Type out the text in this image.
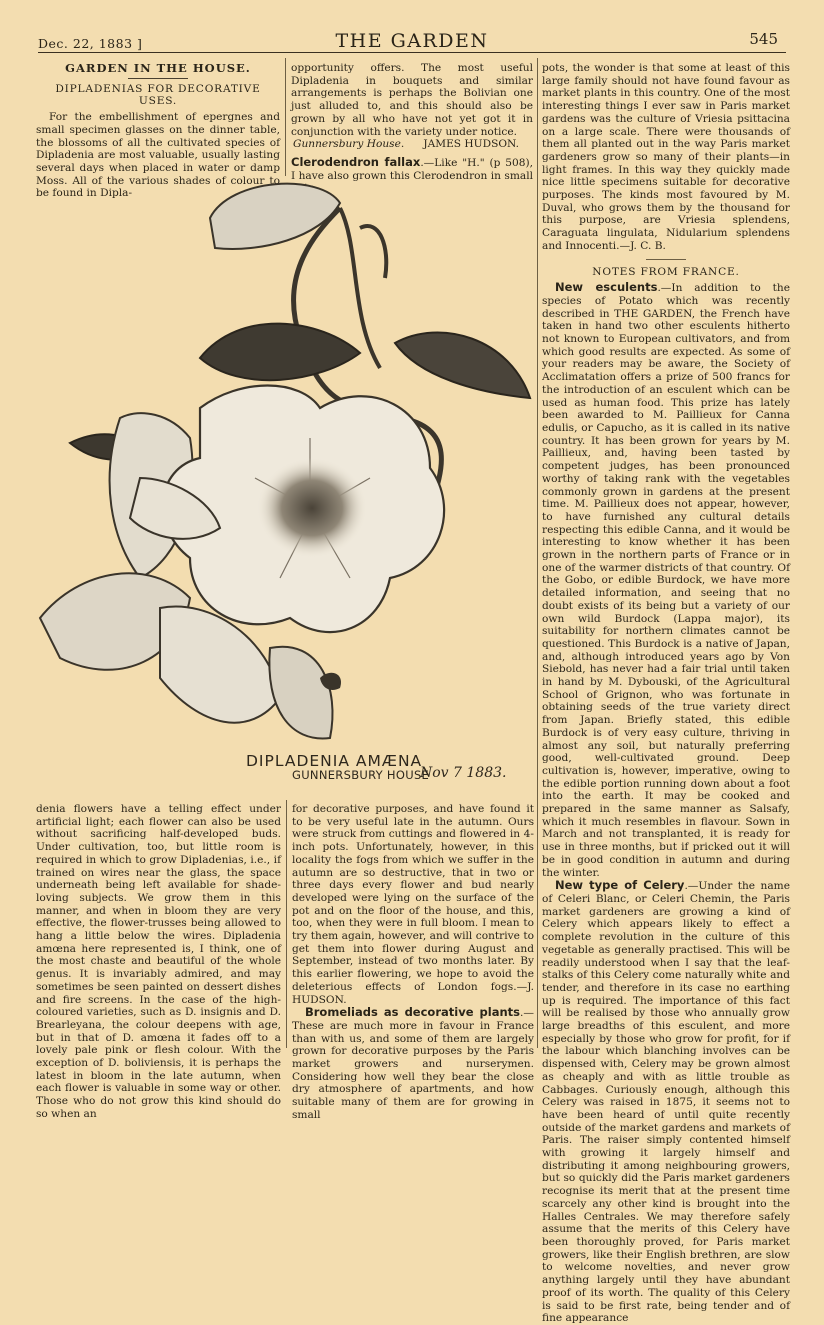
Dec. 22, 1883 ]	THE GARDEN	545
GARDEN IN THE HOUSE.
DIPLADENIAS FOR DECORATIVE USES.

For the embellishment of epergnes and small specimen glasses on the dinner table, the blossoms of all the cultivated species of Dipladenia are most valuable, usually lasting several days when placed in water or damp Moss. All of the various shades of colour to be found in Dipla-

opportunity offers. The most useful Dipladenia in bouquets and similar arrangements is perhaps the Bolivian one just alluded to, and this should also be grown by all who have not yet got it in conjunction with the variety under notice.

Gunnersbury House. JAMES HUDSON.

Clerodendron fallax.—Like "H." (p 508), I have also grown this Clerodendron in small

pots, the wonder is that some at least of this large family should not have found favour as market plants in this country. One of the most interesting things I ever saw in Paris market gardens was the culture of Vriesia psittacina on a large scale. There were thousands of them all planted out in the way Paris market gardeners grow so many of their plants—in light frames. In this way they quickly made nice little specimens suitable for decorative purposes. The kinds most favoured by M. Duval, who grows them by the thousand for this purpose, are Vriesia splendens, Caraguata lingulata, Nidularium splendens and Innocenti.—J. C. B.

NOTES FROM FRANCE.

New esculents.—In addition to the species of Potato which was recently described in THE GARDEN, the French have taken in hand two other esculents hitherto not known to European cultivators, and from which good results are expected. As some of your readers may be aware, the Society of Acclimatation offers a prize of 500 francs for the introduction of an esculent which can be used as human food. This prize has lately been awarded to M. Paillieux for Canna edulis, or Capucho, as it is called in its native country. It has been grown for years by M. Paillieux, and, having been tasted by competent judges, has been pronounced worthy of taking rank with the vegetables commonly grown in gardens at the present time. M. Paillieux does not appear, however, to have furnished any cultural details respecting this edible Canna, and it would be interesting to know whether it has been grown in the northern parts of France or in one of the warmer districts of that country. Of the Gobo, or edible Burdock, we have more detailed information, and seeing that no doubt exists of its being but a variety of our own wild Burdock (Lappa major), its suitability for northern climates cannot be questioned. This Burdock is a native of Japan, and, although introduced years ago by Von Siebold, has never had a fair trial until taken in hand by M. Dybouski, of the Agricultural School of Grignon, who was fortunate in obtaining seeds of the true variety direct from Japan. Briefly stated, this edible Burdock is of very easy culture, thriving in almost any soil, but naturally preferring good, well-cultivated ground. Deep cultivation is, however, imperative, owing to the edible portion running down about a foot into the earth. It may be cooked and prepared in the same manner as Salsafy, which it much resembles in flavour. Sown in March and not transplanted, it is ready for use in three months, but if pricked out it will be in good condition in autumn and during the winter.

New type of Celery.—Under the name of Celeri Blanc, or Celeri Chemin, the Paris market gardeners are growing a kind of Celery which appears likely to effect a complete revolution in the culture of this vegetable as generally practised. This will be readily understood when I say that the leaf-stalks of this Celery come naturally white and tender, and therefore in its case no earthing up is required. The importance of this fact will be realised by those who annually grow large breadths of this esculent, and more especially by those who grow for profit, for if the labour which blanching involves can be dispensed with, Celery may be grown almost as cheaply and with as little trouble as Cabbages. Curiously enough, although this Celery was raised in 1875, it seems not to have been heard of until quite recently outside of the market gardens and markets of Paris. The raiser simply contented himself with growing it largely himself and distributing it among neighbouring growers, but so quickly did the Paris market gardeners recognise its merit that at the present time scarcely any other kind is brought into the Halles Centrales. We may therefore safely assume that the merits of this Celery have been thoroughly proved, for Paris market growers, like their English brethren, are slow to welcome novelties, and never grow anything largely until they have abundant proof of its worth. The quality of this Celery is said to be first rate, being tender and of fine appearance

DIPLADENIA AMÆNA
GUNNERSBURY HOUSE
Nov 7 1883.

denia flowers have a telling effect under artificial light; each flower can also be used without sacrificing half-developed buds. Under cultivation, too, but little room is required in which to grow Dipladenias, i.e., if trained on wires near the glass, the space underneath being left available for shade-loving subjects. We grow them in this manner, and when in bloom they are very effective, the flower-trusses being allowed to hang a little below the wires. Dipladenia amœna here represented is, I think, one of the most chaste and beautiful of the whole genus. It is invariably admired, and may sometimes be seen painted on dessert dishes and fire screens. In the case of the high-coloured varieties, such as D. insignis and D. Brearleyana, the colour deepens with age, but in that of D. amœna it fades off to a lovely pale pink or flesh colour. With the exception of D. boliviensis, it is perhaps the latest in bloom in the late autumn, when each flower is valuable in some way or other. Those who do not grow this kind should do so when an

for decorative purposes, and have found it to be very useful late in the autumn. Ours were struck from cuttings and flowered in 4-inch pots. Unfortunately, however, in this locality the fogs from which we suffer in the autumn are so destructive, that in two or three days every flower and bud nearly developed were lying on the surface of the pot and on the floor of the house, and this, too, when they were in full bloom. I mean to try them again, however, and will contrive to get them into flower during August and September, instead of two months later. By this earlier flowering, we hope to avoid the deleterious effects of London fogs.—J. HUDSON.

Bromeliads as decorative plants.—These are much more in favour in France than with us, and some of them are largely grown for decorative purposes by the Paris market growers and nurserymen. Considering how well they bear the close dry atmosphere of apartments, and how suitable many of them are for growing in small
